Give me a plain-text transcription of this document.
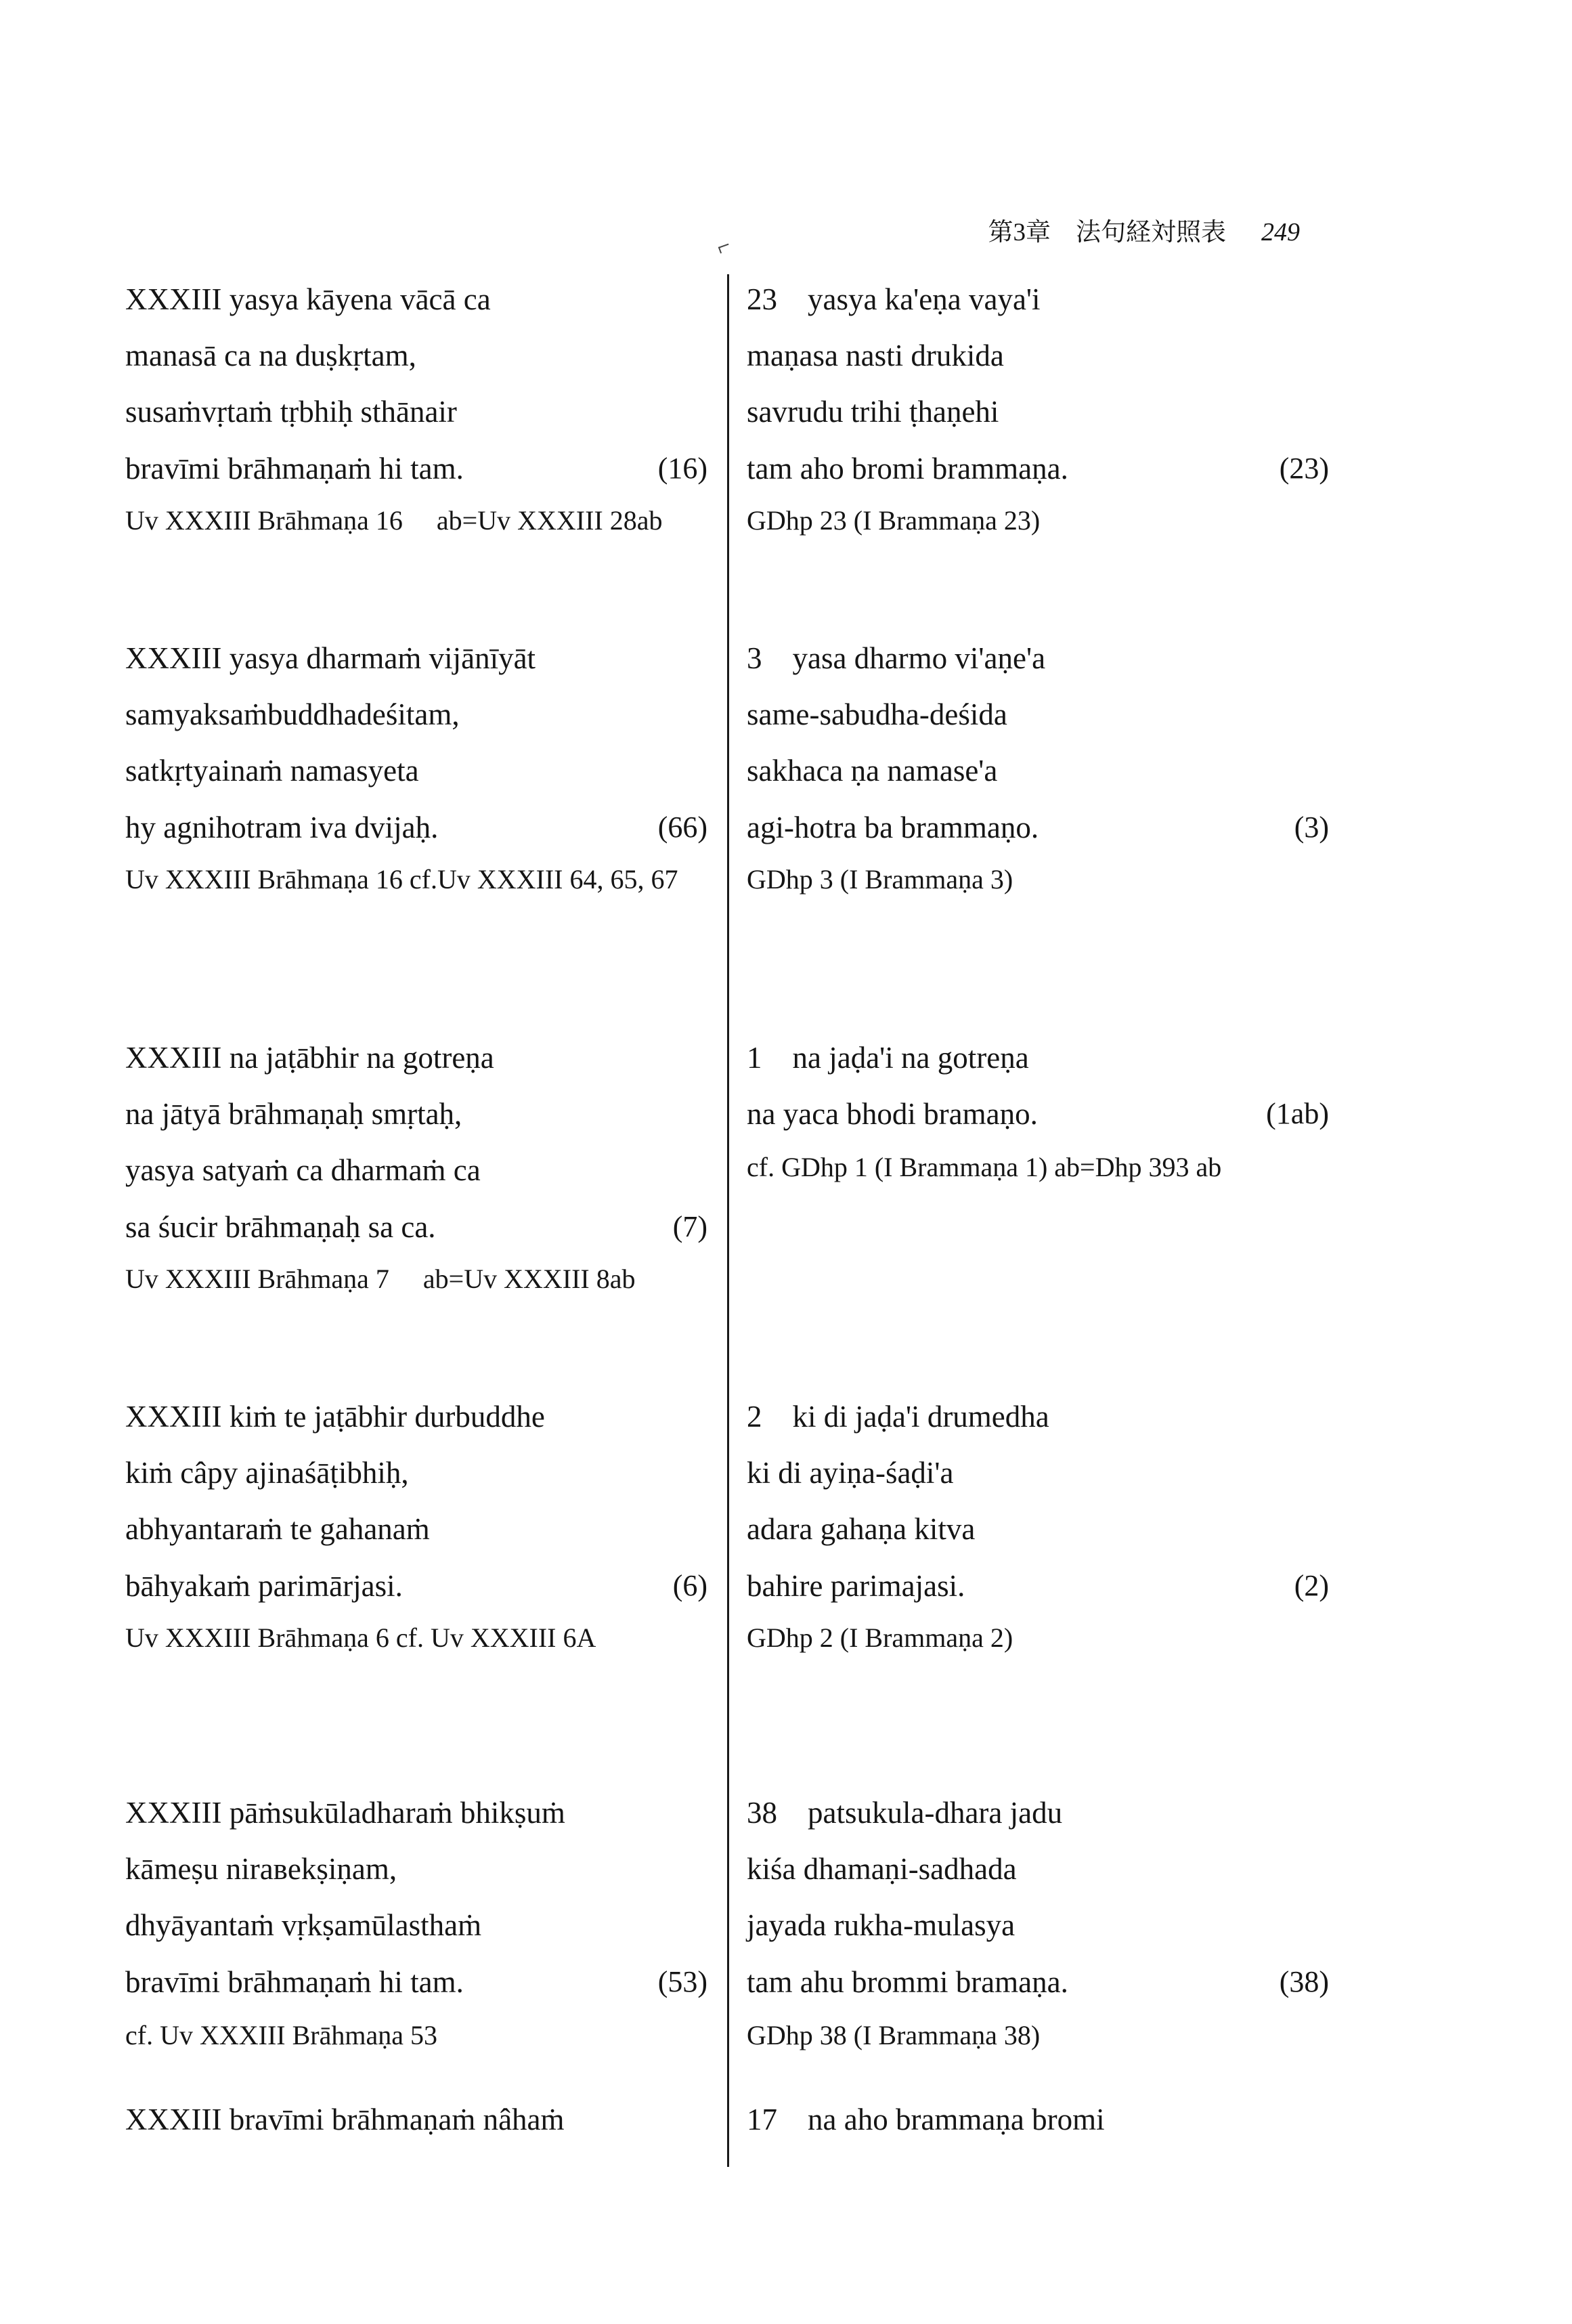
第3章　法句経対照表 249
XXXIII yasya kāyena vācā ca
manasā ca na duṣkṛtam,
susaṁvṛtaṁ tṛbhiḥ sthānair
bravīmi brāhmaṇaṁ hi tam.	(16)
Uv XXXIII Brāhmaṇa 16 　ab=Uv XXXIII 28ab
XXXIII yasya dharmaṁ vijānīyāt
samyaksaṁbuddhadeśitam,
satkṛtyainaṁ namasyeta
hy agnihotram iva dvijaḥ.	(66)
Uv XXXIII Brāhmaṇa 16 cf.Uv XXXIII 64, 65, 67
XXXIII na jaṭābhir na gotreṇa
na jātyā brāhmaṇaḥ smṛtaḥ,
yasya satyaṁ ca dharmaṁ ca
sa śucir brāhmaṇaḥ sa ca.	(7)
Uv XXXIII Brāhmaṇa 7 　ab=Uv XXXIII 8ab
XXXIII kiṁ te jaṭābhir durbuddhe
kiṁ câpy ajinaśāṭibhiḥ,
abhyantaraṁ te gahanaṁ
bāhyakaṁ parimārjasi.	(6)
Uv XXXIII Brāhmaṇa 6 cf. Uv XXXIII 6A
XXXIII pāṁsukūladharaṁ bhikṣuṁ
kāmeṣu nirавekṣiṇam,
dhyāyantaṁ vṛkṣamūlasthaṁ
bravīmi brāhmaṇaṁ hi tam.	(53)
cf. Uv XXXIII Brāhmaṇa 53
XXXIII bravīmi brāhmaṇaṁ nâhaṁ
23　yasya ka'eṇa vaya'i
maṇasa nasti drukida
savrudu trihi ṭhaṇehi
tam aho bromi brammaṇa.	(23)
GDhp 23 (I Brammaṇa 23)
3　yasa dharmo vi'aṇe'a
same-sabudha-deśida
sakhaca ṇa namase'a
agi-hotra ba brammaṇo.	(3)
GDhp 3 (I Brammaṇa 3)
1　na jaḍa'i na gotreṇa
na yaca bhodi bramaṇo.	(1ab)
cf. GDhp 1 (I Brammaṇa 1) ab=Dhp 393 ab
2　ki di jaḍa'i drumedha
ki di ayiṇa-śaḍi'a
adara gahaṇa kitva
bahire parimajasi.	(2)
GDhp 2 (I Brammaṇa 2)
38　patsukula-dhara jadu
kiśa dhamaṇi-sadhada
jayada rukha-mulasya
tam ahu brommi bramaṇa.	(38)
GDhp 38 (I Brammaṇa 38)
17　na aho brammaṇa bromi
